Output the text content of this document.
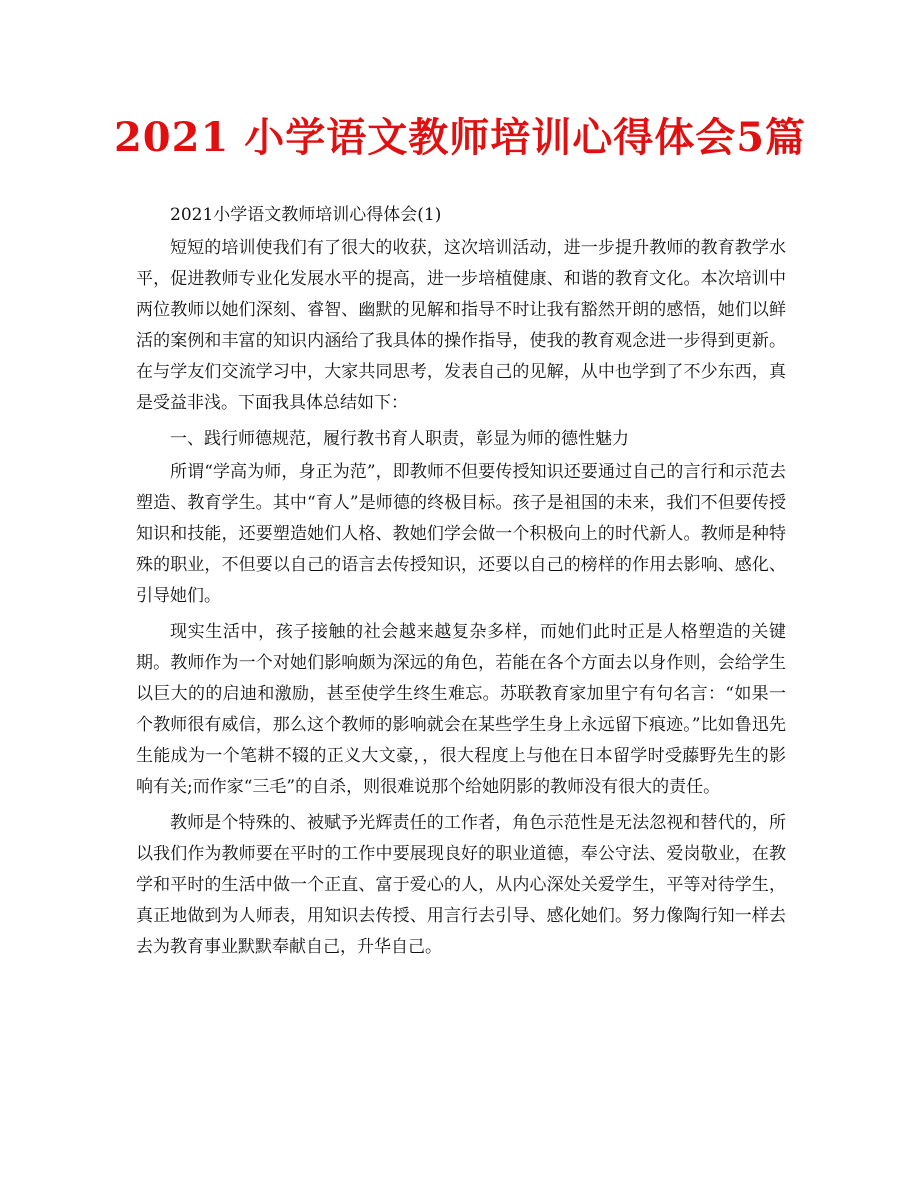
2021 小学语文教师培训心得体会5篇

2021小学语文教师培训心得体会(1)

短短的培训使我们有了很大的收获，这次培训活动，进一步提升教师的教育教学水平，促进教师专业化发展水平的提高，进一步培植健康、和谐的教育文化。本次培训中两位教师以她们深刻、睿智、幽默的见解和指导不时让我有豁然开朗的感悟，她们以鲜活的案例和丰富的知识内涵给了我具体的操作指导，使我的教育观念进一步得到更新。在与学友们交流学习中，大家共同思考，发表自己的见解，从中也学到了不少东西，真是受益非浅。下面我具体总结如下：

一、践行师德规范，履行教书育人职责，彰显为师的德性魅力

所谓“学高为师，身正为范”，即教师不但要传授知识还要通过自己的言行和示范去塑造、教育学生。其中“育人”是师德的终极目标。孩子是祖国的未来，我们不但要传授知识和技能，还要塑造她们人格、教她们学会做一个积极向上的时代新人。教师是种特殊的职业，不但要以自己的语言去传授知识，还要以自己的榜样的作用去影响、感化、引导她们。

现实生活中，孩子接触的社会越来越复杂多样，而她们此时正是人格塑造的关键期。教师作为一个对她们影响颇为深远的角色，若能在各个方面去以身作则，会给学生以巨大的的启迪和激励，甚至使学生终生难忘。苏联教育家加里宁有句名言：“如果一个教师很有威信，那么这个教师的影响就会在某些学生身上永远留下痕迹。”比如鲁迅先生能成为一个笔耕不辍的正义大文豪，，很大程度上与他在日本留学时受藤野先生的影响有关;而作家“三毛”的自杀，则很难说那个给她阴影的教师没有很大的责任。

教师是个特殊的、被赋予光辉责任的工作者，角色示范性是无法忽视和替代的，所以我们作为教师要在平时的工作中要展现良好的职业道德，奉公守法、爱岗敬业，在教学和平时的生活中做一个正直、富于爱心的人，从内心深处关爱学生，平等对待学生，真正地做到为人师表，用知识去传授、用言行去引导、感化她们。努力像陶行知一样去去为教育事业默默奉献自己，升华自己。
